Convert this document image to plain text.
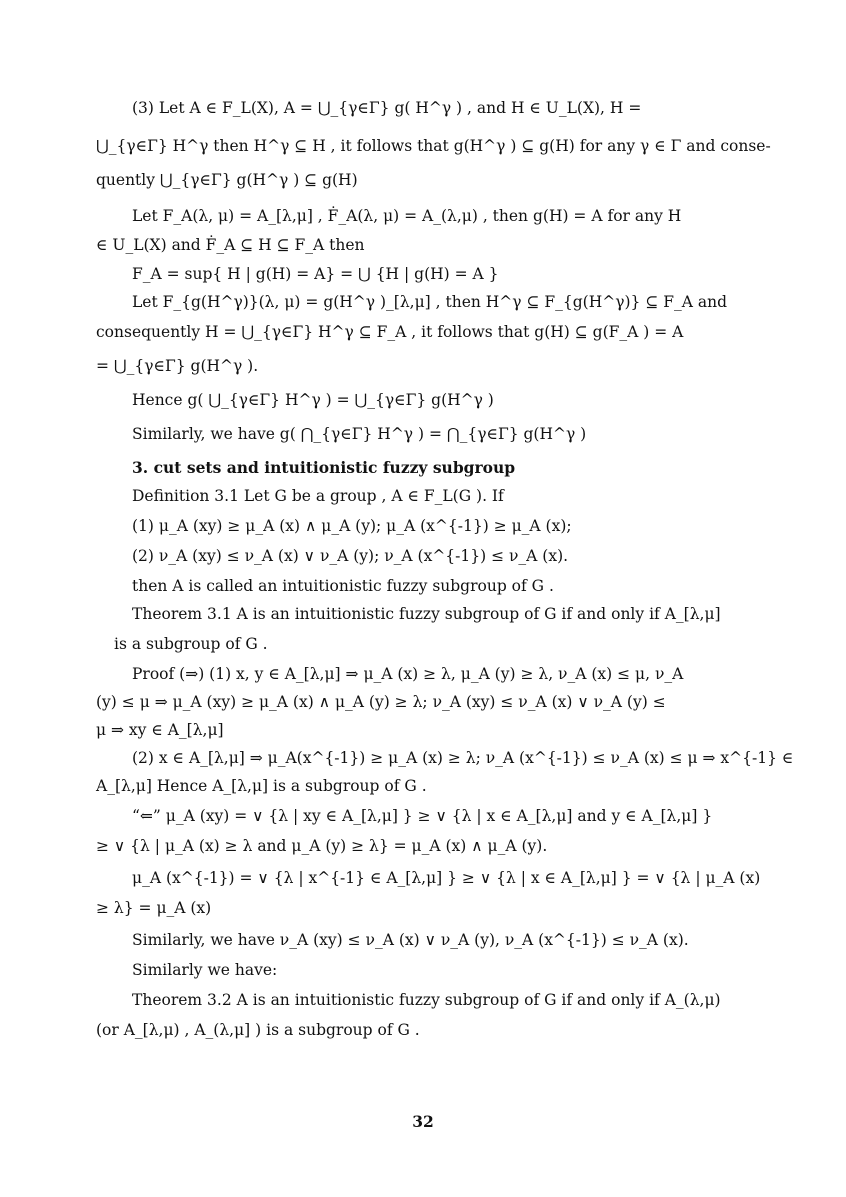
(3) Let A ∈ F_L(X), A = ⋃_{γ∈Γ} g( H^γ ) , and H ∈ U_L(X), H =
⋃_{γ∈Γ} H^γ then H^γ ⊆ H , it follows that g(H^γ ) ⊆ g(H) for any γ ∈ Γ and conse-
quently ⋃_{γ∈Γ} g(H^γ ) ⊆ g(H)
Let F_A(λ, μ) = A_[λ,μ] , Ḟ_A(λ, μ) = A_(λ,μ) , then g(H) = A for any H
∈ U_L(X) and Ḟ_A ⊆ H ⊆ F_A then
F_A = sup{ H | g(H) = A} = ⋃ {H | g(H) = A }
Let F_{g(H^γ)}(λ, μ) = g(H^γ )_[λ,μ] , then H^γ ⊆ F_{g(H^γ)} ⊆ F_A and
consequently H = ⋃_{γ∈Γ} H^γ ⊆ F_A , it follows that g(H) ⊆ g(F_A ) = A
= ⋃_{γ∈Γ} g(H^γ ).
Hence g( ⋃_{γ∈Γ} H^γ ) = ⋃_{γ∈Γ} g(H^γ )
Similarly, we have g( ⋂_{γ∈Γ} H^γ ) = ⋂_{γ∈Γ} g(H^γ )
3. cut sets and intuitionistic fuzzy subgroup
Definition 3.1 Let G be a group , A ∈ F_L(G ). If
(1) μ_A (xy) ≥ μ_A (x) ∧ μ_A (y); μ_A (x^{-1}) ≥ μ_A (x);
(2) ν_A (xy) ≤ ν_A (x) ∨ ν_A (y); ν_A (x^{-1}) ≤ ν_A (x).
then A is called an intuitionistic fuzzy subgroup of G .
Theorem 3.1 A is an intuitionistic fuzzy subgroup of G if and only if A_[λ,μ]
is a subgroup of G .
Proof (⇒) (1) x, y ∈ A_[λ,μ] ⇒ μ_A (x) ≥ λ, μ_A (y) ≥ λ, ν_A (x) ≤ μ, ν_A
(y) ≤ μ ⇒ μ_A (xy) ≥ μ_A (x) ∧ μ_A (y) ≥ λ; ν_A (xy) ≤ ν_A (x) ∨ ν_A (y) ≤
μ ⇒ xy ∈ A_[λ,μ]
(2) x ∈ A_[λ,μ] ⇒ μ_A(x^{-1}) ≥ μ_A (x) ≥ λ; ν_A (x^{-1}) ≤ ν_A (x) ≤ μ ⇒ x^{-1} ∈
A_[λ,μ] Hence A_[λ,μ] is a subgroup of G .
“⇐” μ_A (xy) = ∨ {λ | xy ∈ A_[λ,μ] } ≥ ∨ {λ | x ∈ A_[λ,μ] and y ∈ A_[λ,μ] }
≥ ∨ {λ | μ_A (x) ≥ λ and μ_A (y) ≥ λ} = μ_A (x) ∧ μ_A (y).
μ_A (x^{-1}) = ∨ {λ | x^{-1} ∈ A_[λ,μ] } ≥ ∨ {λ | x ∈ A_[λ,μ] } = ∨ {λ | μ_A (x)
≥ λ} = μ_A (x)
Similarly, we have ν_A (xy) ≤ ν_A (x) ∨ ν_A (y), ν_A (x^{-1}) ≤ ν_A (x).
Similarly we have:
Theorem 3.2 A is an intuitionistic fuzzy subgroup of G if and only if A_(λ,μ)
(or A_[λ,μ) , A_(λ,μ] ) is a subgroup of G .
32
